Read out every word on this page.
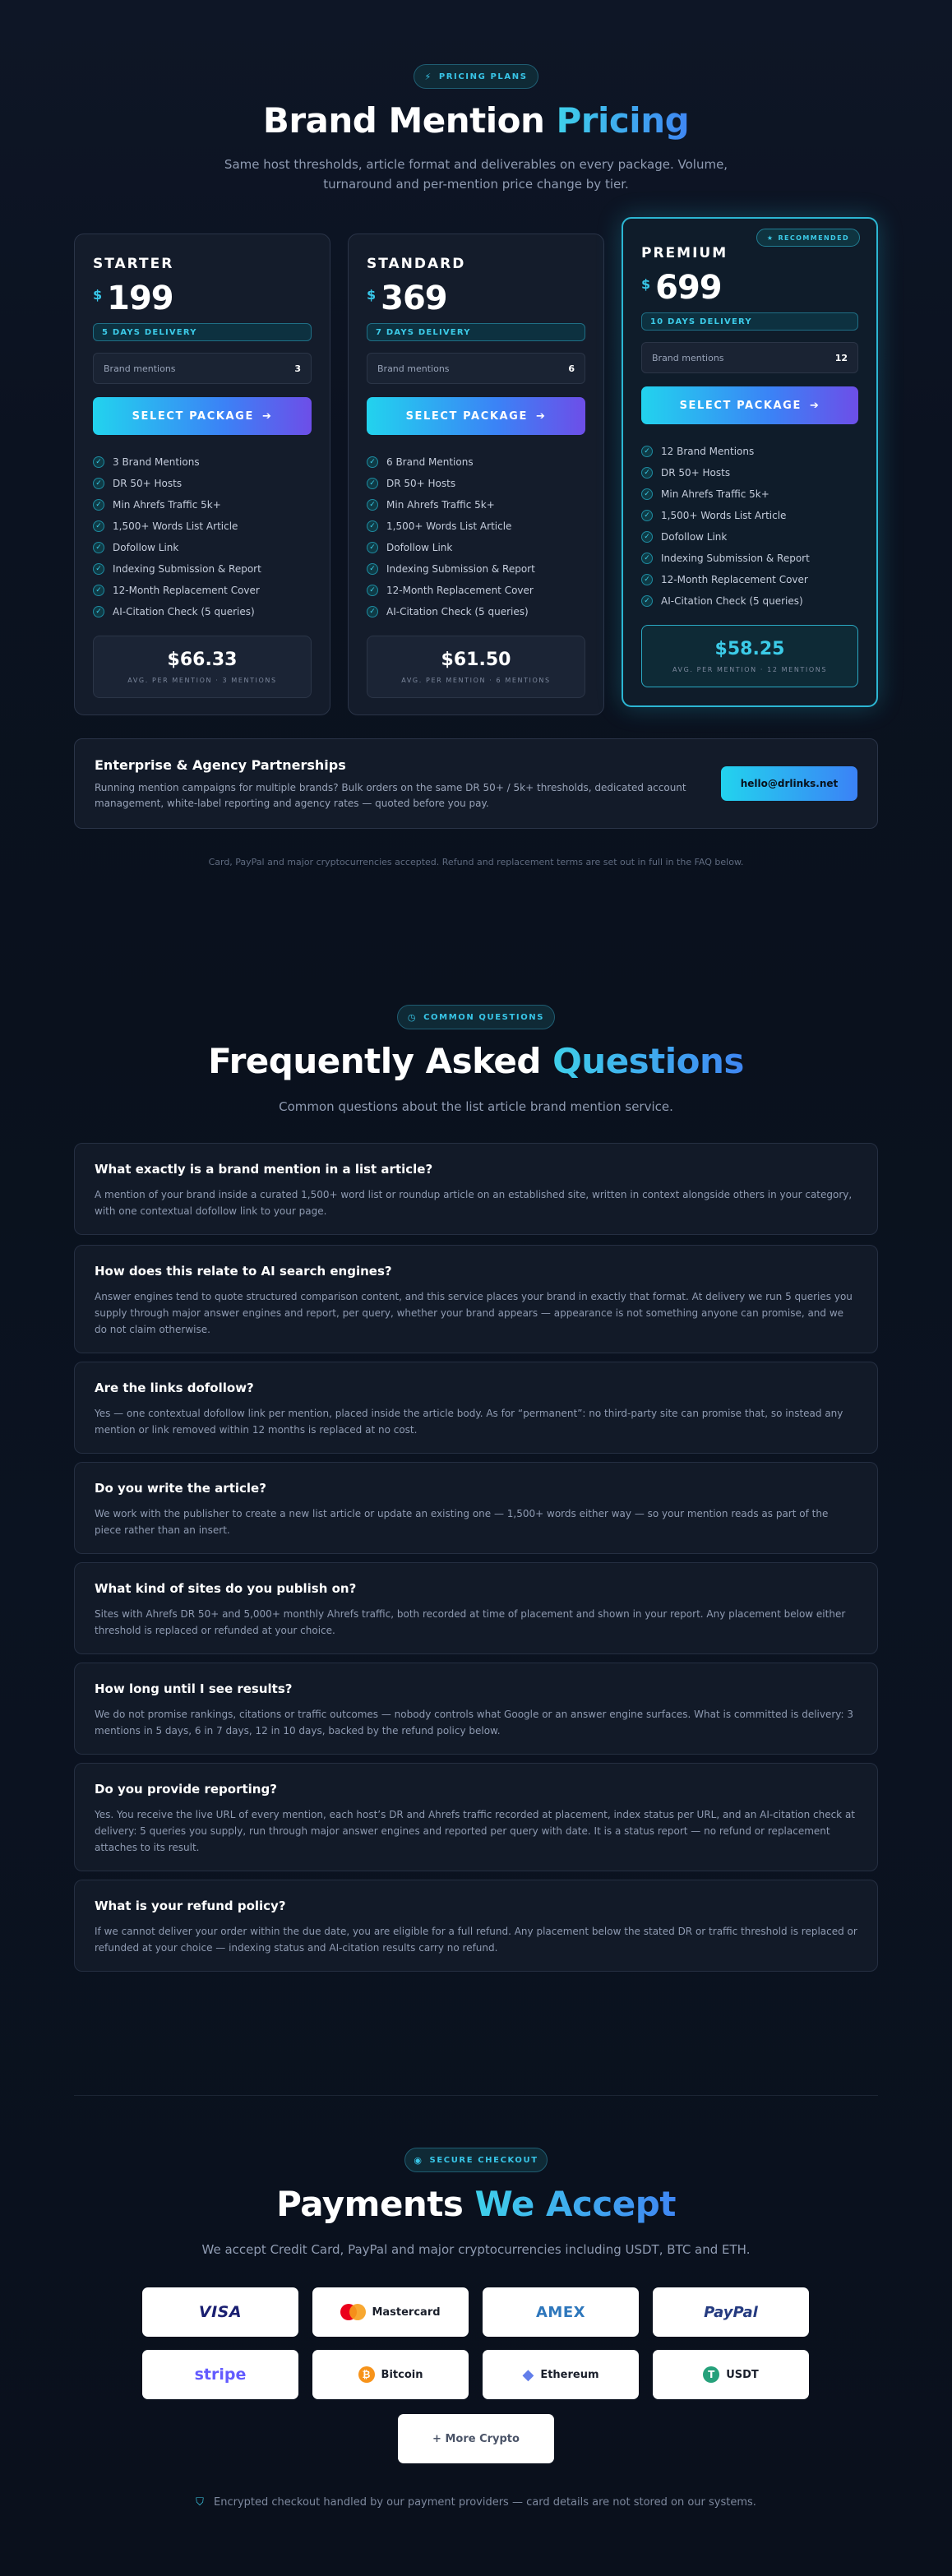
⚡ PRICING PLANS
Brand Mention Pricing
Same host thresholds, article format and deliverables on every package. Volume,
turnaround and per-mention price change by tier.
STARTER
$ 199
5 DAYS DELIVERY
Brand mentions	3
SELECT PACKAGE ➔
✓ 3 Brand Mentions
✓ DR 50+ Hosts
✓ Min Ahrefs Traffic 5k+
✓ 1,500+ Words List Article
✓ Dofollow Link
✓ Indexing Submission & Report
✓ 12-Month Replacement Cover
✓ AI-Citation Check (5 queries)
$66.33
AVG. PER MENTION · 3 MENTIONS
STANDARD
$ 369
7 DAYS DELIVERY
Brand mentions	6
SELECT PACKAGE ➔
✓ 6 Brand Mentions
✓ DR 50+ Hosts
✓ Min Ahrefs Traffic 5k+
✓ 1,500+ Words List Article
✓ Dofollow Link
✓ Indexing Submission & Report
✓ 12-Month Replacement Cover
✓ AI-Citation Check (5 queries)
$61.50
AVG. PER MENTION · 6 MENTIONS
★ RECOMMENDED
PREMIUM
$ 699
10 DAYS DELIVERY
Brand mentions	12
SELECT PACKAGE ➔
✓ 12 Brand Mentions
✓ DR 50+ Hosts
✓ Min Ahrefs Traffic 5k+
✓ 1,500+ Words List Article
✓ Dofollow Link
✓ Indexing Submission & Report
✓ 12-Month Replacement Cover
✓ AI-Citation Check (5 queries)
$58.25
AVG. PER MENTION · 12 MENTIONS
Enterprise & Agency Partnerships
Running mention campaigns for multiple brands? Bulk orders on the same DR 50+ / 5k+ thresholds, dedicated account management, white-label reporting and agency rates — quoted before you pay.
hello@drlinks.net
Card, PayPal and major cryptocurrencies accepted. Refund and replacement terms are set out in full in the FAQ below.
◷ COMMON QUESTIONS
Frequently Asked Questions
Common questions about the list article brand mention service.
What exactly is a brand mention in a list article?
A mention of your brand inside a curated 1,500+ word list or roundup article on an established site, written in context alongside others in your category, with one contextual dofollow link to your page.
How does this relate to AI search engines?
Answer engines tend to quote structured comparison content, and this service places your brand in exactly that format. At delivery we run 5 queries you supply through major answer engines and report, per query, whether your brand appears — appearance is not something anyone can promise, and we do not claim otherwise.
Are the links dofollow?
Yes — one contextual dofollow link per mention, placed inside the article body. As for “permanent”: no third-party site can promise that, so instead any mention or link removed within 12 months is replaced at no cost.
Do you write the article?
We work with the publisher to create a new list article or update an existing one — 1,500+ words either way — so your mention reads as part of the piece rather than an insert.
What kind of sites do you publish on?
Sites with Ahrefs DR 50+ and 5,000+ monthly Ahrefs traffic, both recorded at time of placement and shown in your report. Any placement below either threshold is replaced or refunded at your choice.
How long until I see results?
We do not promise rankings, citations or traffic outcomes — nobody controls what Google or an answer engine surfaces. What is committed is delivery: 3 mentions in 5 days, 6 in 7 days, 12 in 10 days, backed by the refund policy below.
Do you provide reporting?
Yes. You receive the live URL of every mention, each host’s DR and Ahrefs traffic recorded at placement, index status per URL, and an AI-citation check at delivery: 5 queries you supply, run through major answer engines and reported per query with date. It is a status report — no refund or replacement attaches to its result.
What is your refund policy?
If we cannot deliver your order within the due date, you are eligible for a full refund. Any placement below the stated DR or traffic threshold is replaced or refunded at your choice — indexing status and AI-citation results carry no refund.
◉ SECURE CHECKOUT
Payments We Accept
We accept Credit Card, PayPal and major cryptocurrencies including USDT, BTC and ETH.
VISA	Mastercard	AMEX	PayPal
stripe	₿	Bitcoin	◆ Ethereum	T	USDT
+ More Crypto
⛉ Encrypted checkout handled by our payment providers — card details are not stored on our systems.
